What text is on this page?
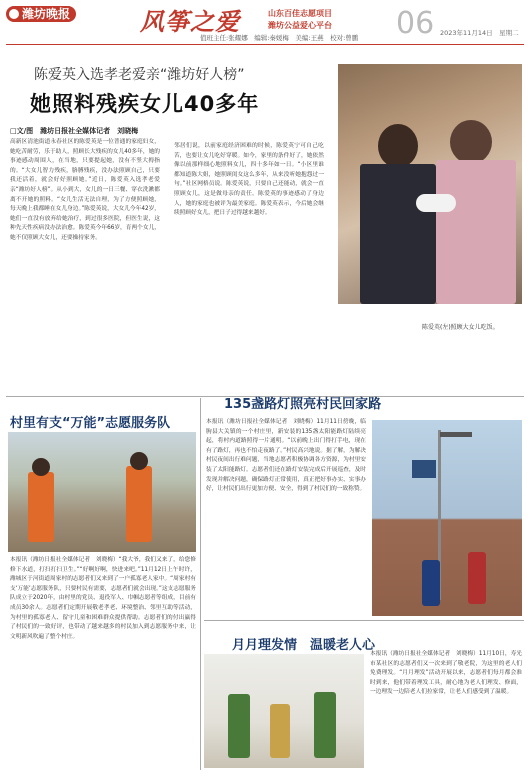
潍坊晚报	风筝之爱	山东百佳志愿项目
潍坊公益爱心平台 06 2023年11月14日　星期二
值班主任:张耀娜　编辑:秦媛梅　美编:王燕　校对:曾鹏
陈爱英入选孝老爱亲“潍坊好人榜”
她照料残疾女儿40多年
□文/图　潍坊日报社全媒体记者　刘晓梅
高新区清池街道永春社区的陈爱英是一位普通的家庭妇女，她吃苦耐劳，乐于助人，照顾长大残疾的女儿40多年，她的事迹感动周围人，在当地，只要提起她，没有不竖大拇指的。“大女儿智力残疾，胳膊残疾，没办法照顾自己，只要我还活着，就会好好照顾她。”近日，陈爱英入选孝老爱亲“潍坊好人榜”。从小到大，女儿的一日三餐、穿衣洗漱都离不开她的照料。“女儿生活无法自理，为了方便照顾她，每天晚上我都睡在女儿身边。”陈爱英说，大女儿今年42岁，她们一直没有放弃给她治疗，到过很多医院，但医生说，这种先天性疾病没办法治愈。陈爱英今年66岁，育两个女儿，她不仅照顾大女儿，还要操持家务。
邻居们说，以前家庭经济困难的时候，陈爱英宁可自己吃苦，也要让女儿吃好穿暖。如今，家里的条件好了，她依然像以前那样细心地照料女儿，四十多年如一日。“小区里谁都知道陈大姐，她照顾闺女这么多年，从来没听她抱怨过一句。”社区网格员说。陈爱英说，只要自己还能动，就会一直照顾女儿，这是做母亲的责任。陈爱英的事迹感动了身边人，她的家庭也被评为最美家庭。陈爱英表示，今后她会继续照顾好女儿，把日子过得越来越好。
陈爱英(左)照顾大女儿吃饭。
村里有支“万能”志愿服务队
本报讯（潍坊日报社全媒体记者　刘晓梅）“我大爷，我们又来了，给您修修下水道，打扫打扫卫生。”“好啊好啊，快进来吧。”11月12日上午时许，潍城区于河街道周家村的志愿者们又来到了一户孤寡老人家中。“周家村有支‘万能’志愿服务队，只要村民有需要，志愿者们就会出现。”这支志愿服务队成立于2020年，由村里的党员、退役军人、巾帼志愿者等组成，目前有成员30余人。志愿者们定期开展敬老孝老、环境整治、邻里互助等活动，为村里的孤寡老人、留守儿童和困难群众提供帮助。志愿者们的付出赢得了村民们的一致好评，也带动了越来越多的村民加入到志愿服务中来，让文明新风吹遍了整个村庄。
135盏路灯照亮村民回家路
本报讯（潍坊日报社全媒体记者　刘晓梅）11月11日傍晚，临朐县大关镇的一个村庄里，新安装的135盏太阳能路灯陆续亮起，将村内道路照得一片通明。“以前晚上出门得打手电，现在有了路灯，再也不怕走夜路了。”村民高兴地说。据了解，为解决村民夜间出行难问题，当地志愿者积极协调各方资源，为村里安装了太阳能路灯。志愿者们还在路灯安装完成后开展巡查，及时发现并解决问题，确保路灯正常使用，真正把好事办实、实事办好，让村民们出行更加方便、安全，得到了村民们的一致称赞。
月月理发情　温暖老人心
本报讯（潍坊日报社全媒体记者　刘晓梅）11月10日，寿光市某社区的志愿者们又一次来到了敬老院，为这里的老人们免费理发。“月月理发”活动开展以来，志愿者们每月都会准时到来，他们带着理发工具，耐心地为老人们理发、修面，一边理发一边陪老人们拉家常，让老人们感受到了温暖。
